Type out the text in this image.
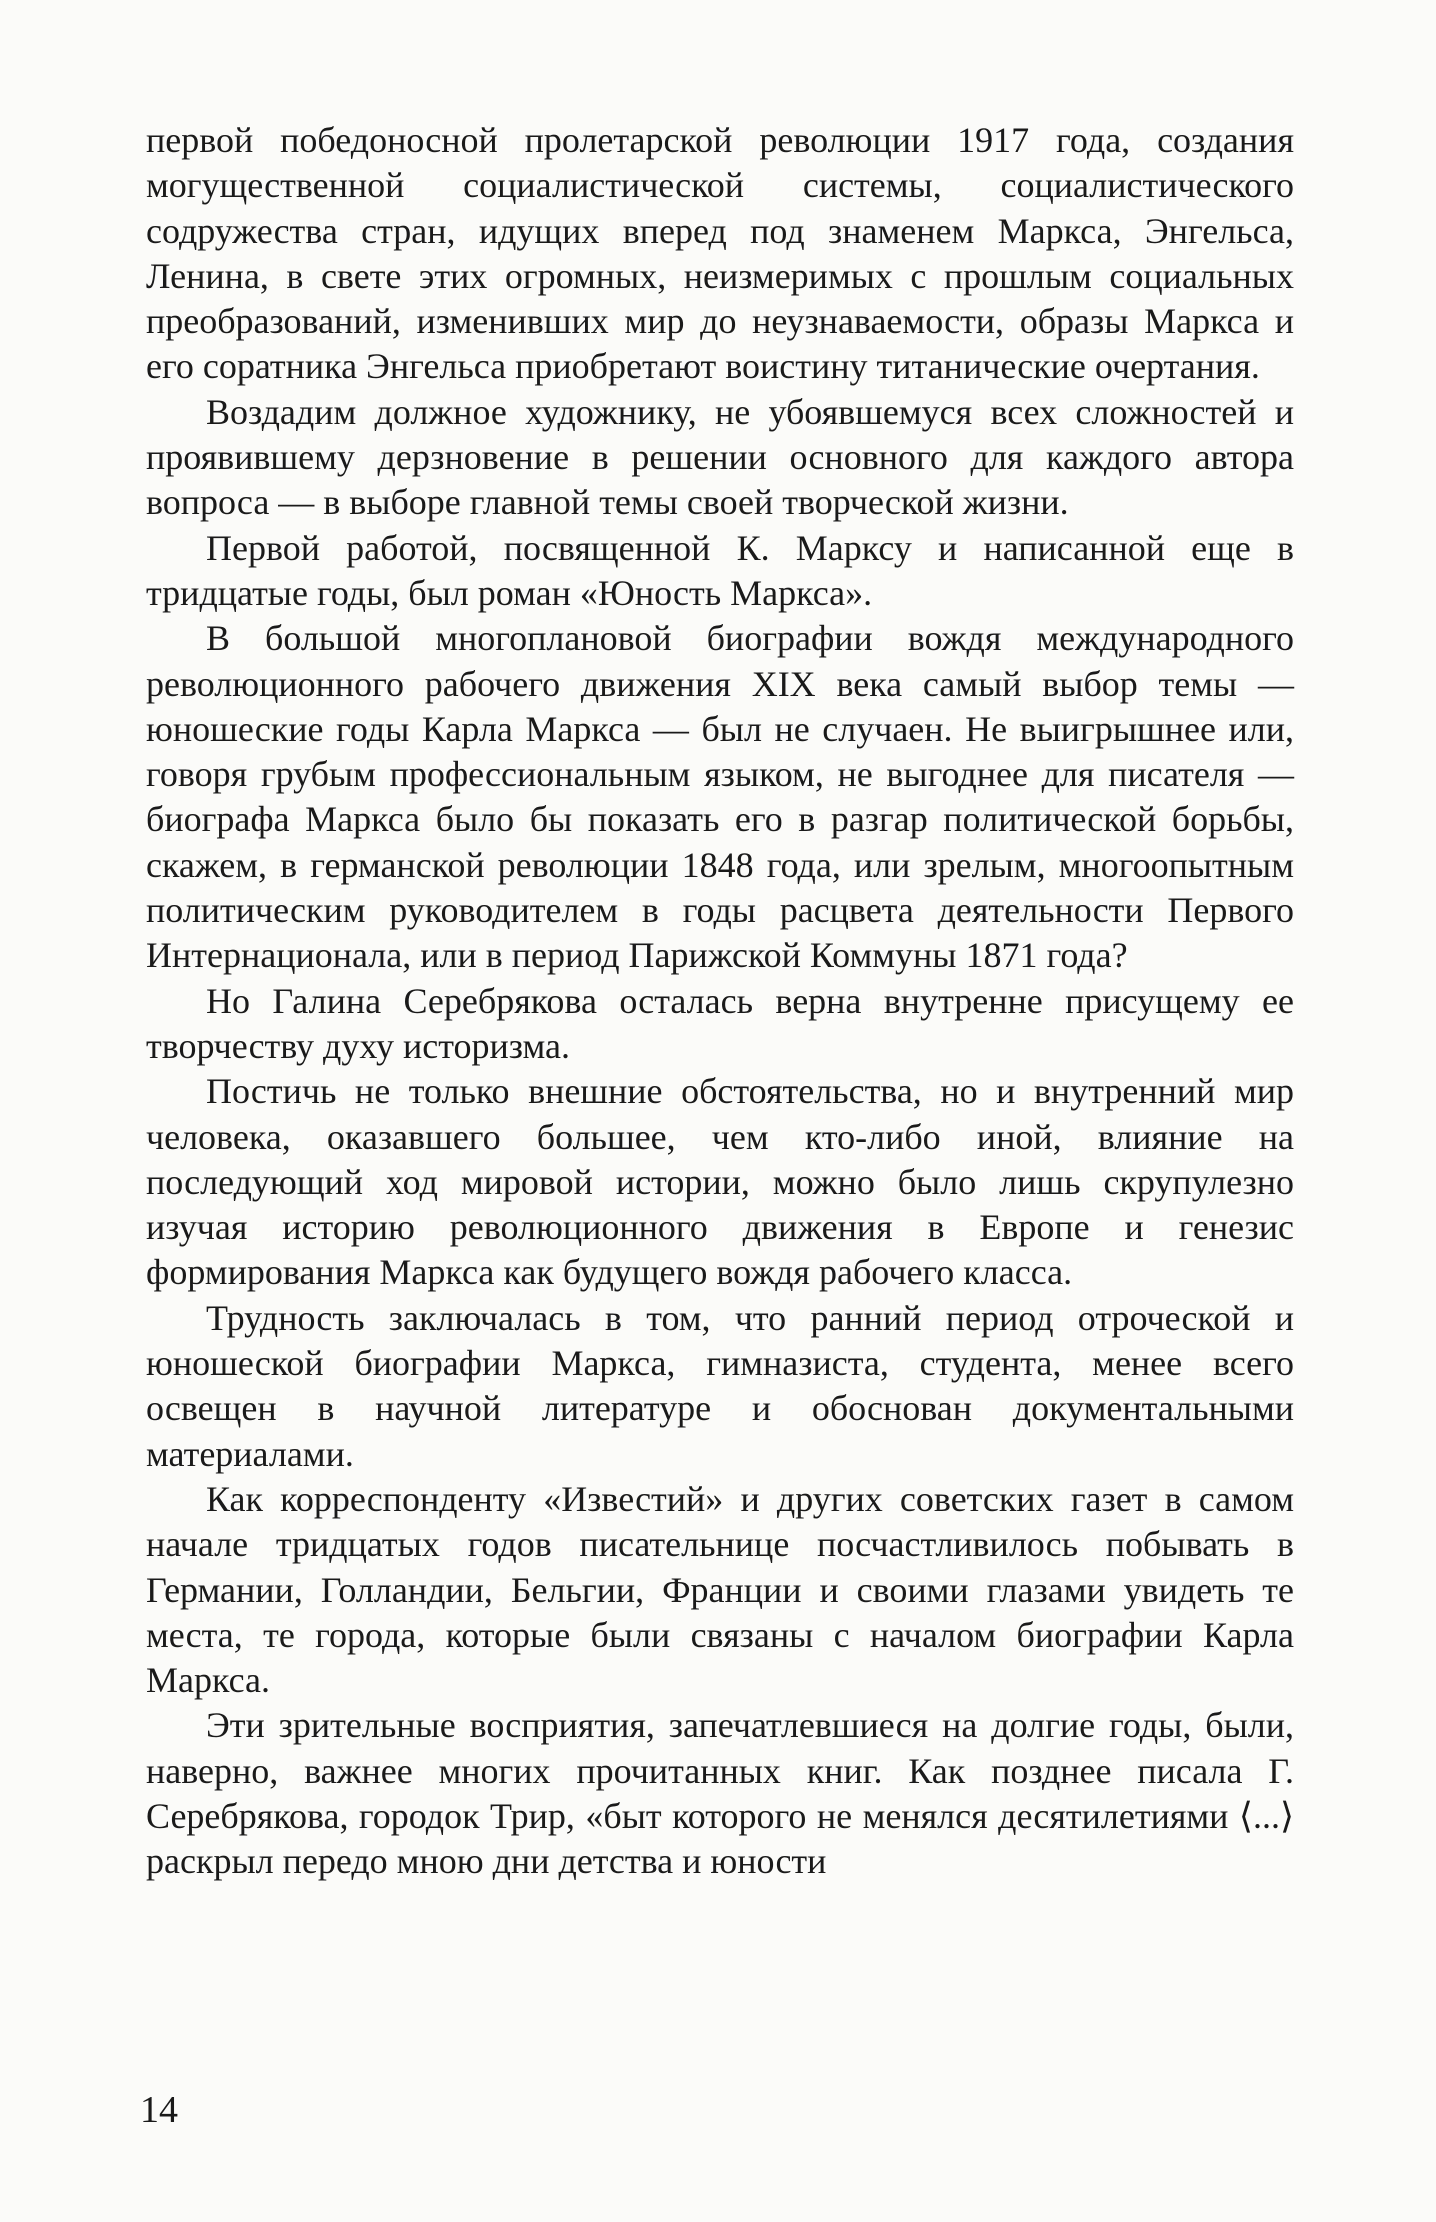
первой победоносной пролетарской революции 1917 года, создания могущественной социалистической системы, социалистического содружества стран, идущих вперед под знаменем Маркса, Энгельса, Ленина, в свете этих огромных, неизмеримых с прошлым социальных преобразований, изменивших мир до неузнаваемости, образы Маркса и его соратника Энгельса приобретают воистину титанические очертания.

Воздадим должное художнику, не убоявшемуся всех сложностей и проявившему дерзновение в решении основного для каждого автора вопроса — в выборе главной темы своей творческой жизни.

Первой работой, посвященной К. Марксу и написанной еще в тридцатые годы, был роман «Юность Маркса».

В большой многоплановой биографии вождя международного революционного рабочего движения XIX века самый выбор темы — юношеские годы Карла Маркса — был не случаен. Не выигрышнее или, говоря грубым профессиональным языком, не выгоднее для писателя — биографа Маркса было бы показать его в разгар политической борьбы, скажем, в германской революции 1848 года, или зрелым, многоопытным политическим руководителем в годы расцвета деятельности Первого Интернационала, или в период Парижской Коммуны 1871 года?

Но Галина Серебрякова осталась верна внутренне присущему ее творчеству духу историзма.

Постичь не только внешние обстоятельства, но и внутренний мир человека, оказавшего большее, чем кто-либо иной, влияние на последующий ход мировой истории, можно было лишь скрупулезно изучая историю революционного движения в Европе и генезис формирования Маркса как будущего вождя рабочего класса.

Трудность заключалась в том, что ранний период отроческой и юношеской биографии Маркса, гимназиста, студента, менее всего освещен в научной литературе и обоснован документальными материалами.

Как корреспонденту «Известий» и других советских газет в самом начале тридцатых годов писательнице посчастливилось побывать в Германии, Голландии, Бельгии, Франции и своими глазами увидеть те места, те города, которые были связаны с началом биографии Карла Маркса.

Эти зрительные восприятия, запечатлевшиеся на долгие годы, были, наверно, важнее многих прочитанных книг. Как позднее писала Г. Серебрякова, городок Трир, «быт которого не менялся десятилетиями ⟨...⟩ раскрыл передо мною дни детства и юности

14
